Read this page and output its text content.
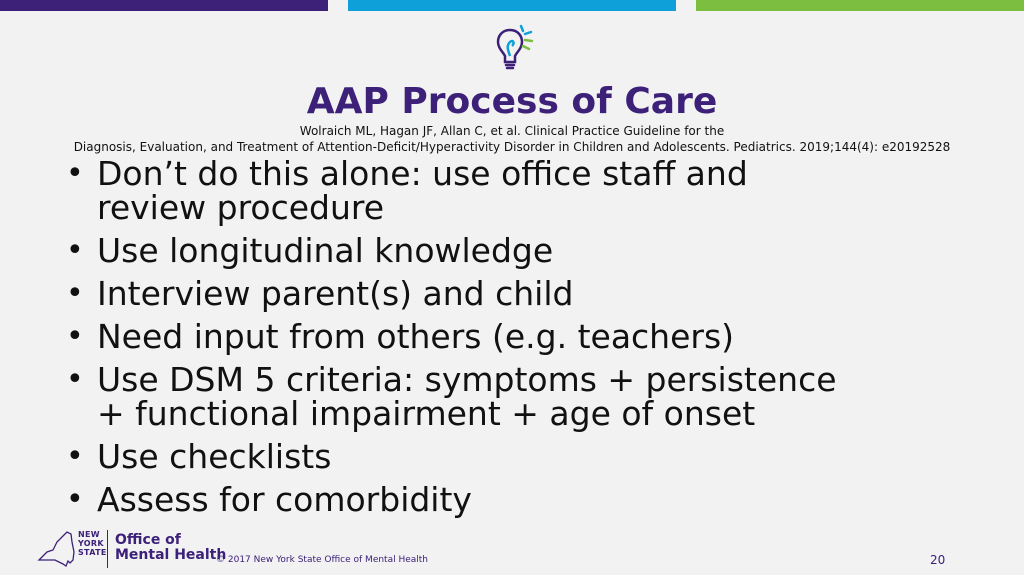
AAP Process of Care
Wolraich ML, Hagan JF, Allan C, et al. Clinical Practice Guideline for the
Diagnosis, Evaluation, and Treatment of Attention-Deficit/Hyperactivity Disorder in Children and Adolescents. Pediatrics. 2019;144(4): e20192528
• Don’t do this alone: use office staff and review procedure
• Use longitudinal knowledge
• Interview parent(s) and child
• Need input from others (e.g. teachers)
• Use DSM 5 criteria: symptoms + persistence + functional impairment + age of onset
• Use checklists
• Assess for comorbidity
NEW
YORK
STATE
Office of
Mental Health
© 2017 New York State Office of Mental Health	20
